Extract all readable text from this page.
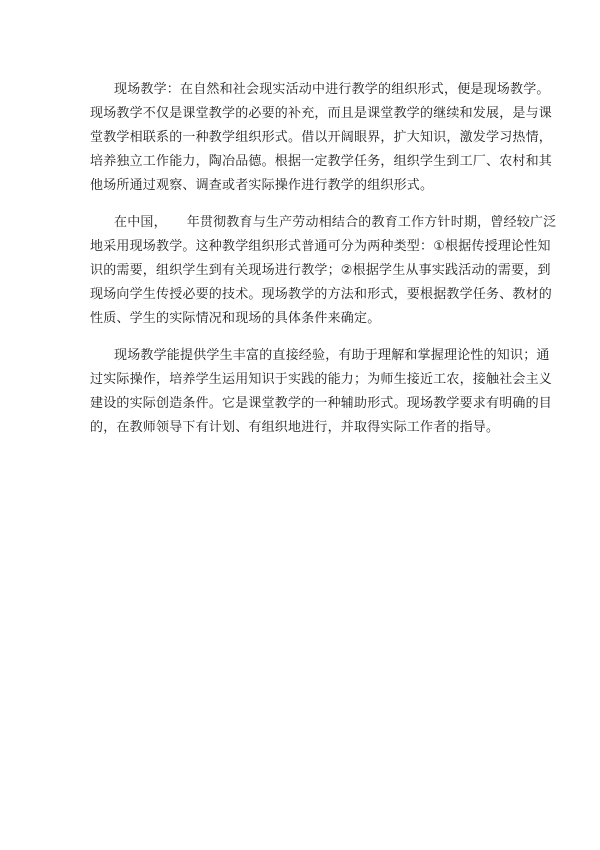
现场教学：在自然和社会现实活动中进行教学的组织形式，便是现场教学。
现场教学不仅是课堂教学的必要的补充，而且是课堂教学的继续和发展，是与课
堂教学相联系的一种教学组织形式。借以开阔眼界，扩大知识，激发学习热情，
培养独立工作能力，陶冶品德。根据一定教学任务，组织学生到工厂、农村和其
他场所通过观察、调查或者实际操作进行教学的组织形式。

在中国，　　年贯彻教育与生产劳动相结合的教育工作方针时期，曾经较广泛
地采用现场教学。这种教学组织形式普通可分为两种类型：①根据传授理论性知
识的需要，组织学生到有关现场进行教学；②根据学生从事实践活动的需要，到
现场向学生传授必要的技术。现场教学的方法和形式，要根据教学任务、教材的
性质、学生的实际情况和现场的具体条件来确定。

现场教学能提供学生丰富的直接经验，有助于理解和掌握理论性的知识；通
过实际操作，培养学生运用知识于实践的能力；为师生接近工农，接触社会主义
建设的实际创造条件。它是课堂教学的一种辅助形式。现场教学要求有明确的目
的，在教师领导下有计划、有组织地进行，并取得实际工作者的指导。
